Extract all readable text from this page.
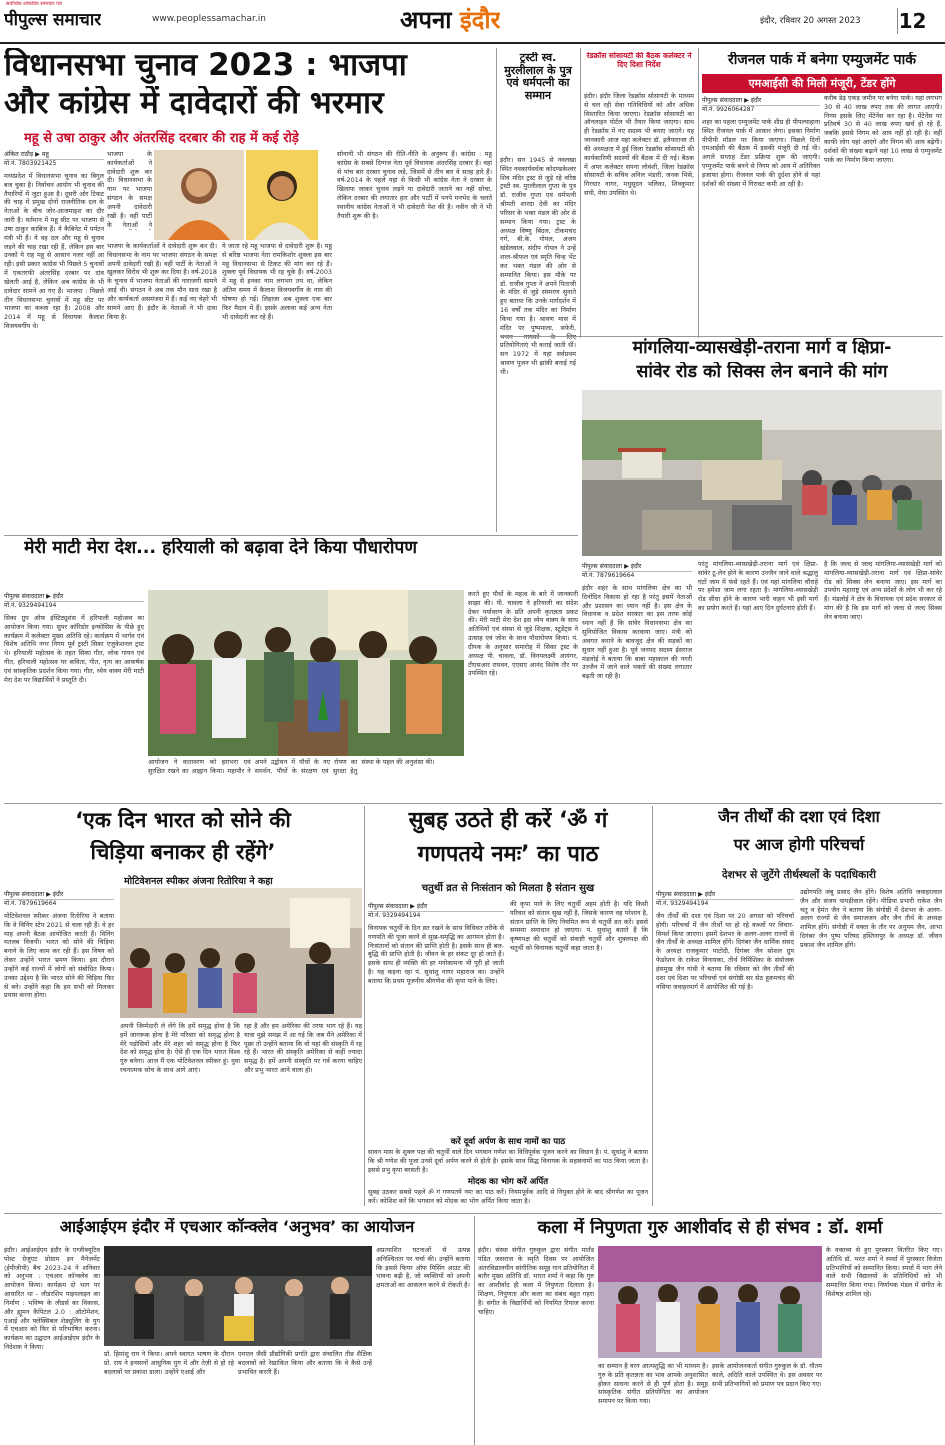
सर्वाधिक लोकप्रिय समाचार पत्र
पीपुल्स समाचार	www.peoplessamachar.in	अपना इंदौर	इंदौर, रविवार 20 अगस्त 2023 12
विधानसभा चुनाव 2023 : भाजपा
और कांग्रेस में दावेदारों की भरमार
महू से उषा ठाकुर और अंतरसिंह दरबार की राह में कई रोड़े
अंकित राठौड़ ▶ महू
मो.नं. 7803921425
मध्यप्रदेश में विधानसभा चुनाव का बिगुल बज चुका है। निर्वाचन आयोग भी चुनाव की तैयारियों में जुटा हुआ है। दूसरी ओर टिकट की चाह में प्रमुख दोनों राजनीतिक दल के नेताओं के बीच जोर-आजमाइश का दौर जारी है। वर्तमान में महू सीट पर भाजपा से उषा ठाकुर काबिज हैं। ये कैबिनेट में पर्यटन मंत्री भी हैं। ये वह दल और महू से चुनाव लड़ने की चाह रखा रही हैं, लेकिन इस बार उनको ये राह महू से आसान नजर नहीं आ रही। इसी प्रकार कांग्रेस भी पिछले 5 चुनावों में एकतरफी अंतरसिंह दरबार पर दांव खेलती आई है, लेकिन अब कांग्रेस के भी दावेदार सामने आ गए हैं। भाजपा : पिछले तीन विधानसभा चुनावों में महू सीट पर भाजपा का कब्जा रहा है। 2008 और 2014 में महू से विधायक कैलाश विजयवर्गीय थे।
भाजपा के कार्यकर्ताओं ने दावेदारी शुरू कर दी। विधानसभा के नाम पर भाजपा संगठन के समक्ष अपनी दावेदारी रखी है। वहीं पार्टी के नेताओं ने
भाजपा के कार्यकर्ताओं ने दावेदारी शुरू कर दी। विधानसभा के नाम पर भाजपा संगठन के समक्ष अपनी दावेदारी रखी है। वहीं पार्टी के नेताओं ने खुलकर विरोध भी शुरू कर दिया है। वर्ष-2018 के चुनाव में भाजपा नेताओं की नाराजगी सामने आई थी। संगठन ने अब तक मौन साध रखा है और कार्यकर्ता असमंजस में हैं। कई नए चेहरे भी सामने आए हैं। इंदौर के नेताओं ने भी दावा किया है।
ये जाता रहे महू भाजपा से दावेदारी शुरू है। महू से बरिष्ठ भाजपा नेता रामकिशोर शुक्ला इस बार महू विधानसभा से टिकट की मांग कर रहे हैं। शुक्ला पूर्व विधायक भी रह चुके हैं। वर्ष-2003 में महू से इनका नाम लगभग तय था, लेकिन अंतिम समय में कैलाश विजयवर्गीय के नाम की घोषणा हो गई। लिहाजा अब शुक्ला एक बार फिर मैदान में हैं। इसके अलावा कई अन्य नेता भी दावेदारी कर रहे हैं।
सोनानी भी संगठन की रीति-नीति के अनुरूप हैं। कांग्रेस : महू कांग्रेस के सबसे दिग्गज नेता पूर्व विधायक अंतरसिंह दरबार हैं। वहां से पांच बार दरबार चुनाव लड़े, जिसमें से तीन बार वे सतह हारे हैं। वर्ष-2014 के पहले यहां से किसी भी कांग्रेस नेता ने दरबार के खिलाफ जाकर चुनाव लड़ने या दावेदारी जताने का नहीं सोचा, लेकिन दरबार की लगातार हार और पार्टी में पनपे मनभेद के चलते स्थानीय कांग्रेस नेताओं ने भी दावेदारी पेश की है। नवीन जी ने भी तैयारी शुरू की है।
ट्रस्टी स्व. मुरलीलाल के पुत्र एवं धर्मपत्नी का सम्मान
इंदौर। सन 1945 से नवलखा स्थित नवकार्यवर्धक कोदण्डकेश्वर शिव मंदिर ट्रस्ट से जुड़े रहे वरिष्ठ ट्रस्टी स्व. मुरलीलाल गुप्ता के पुत्र डॉ. राजीव गुप्ता एवं धर्मपत्नी श्रीमती शारदा देवी का मंदिर परिसर के भक्त मंडल की ओर से सम्मान किया गया। ट्रस्ट के अध्यक्ष विष्णु बिंदल, टीकमचंद गर्ग, बी.के. गोयल, अजय खंडेलवाल, संदीप गोयल ने उन्हें शाल-श्रीफल एवं स्मृति चिन्ह भेंट कर भक्त मंडल की ओर से सम्मानित किया। इस मौके पर डॉ. राजीव गुप्ता ने अपने पिताजी के मंदिर से जुड़े संस्मरण सुनाते हुए बताया कि उनके मार्गदर्शन में 16 वर्षों तक मंदिर का निर्माण किया गया है। श्रावण मास में मंदिर पर पुष्पमाला, सफेरी, प्रतियोगिताएं भी कराई जाती थीं। सन 1972 में यहां सर्वप्रथम श्रावण पूजन भी झांकी बनाई गई थी।
रेडक्रॉस सोसायटी की बैठक कलेक्टर ने दिए दिशा निर्देश
इंदौर। इंदौर जिला रेडक्रॉस सोसायटी के माध्यम से चल रही सेवा गतिविधियों को और अधिक विस्तारित किया जाएगा। रेडक्रॉस सोसायटी का ऑनलाइन पोर्टल भी तैयार किया जाएगा। साथ ही रेडक्रॉस में नए सदस्य भी बनाए जाएंगे। यह जानकारी आज यहां कलेक्टर डॉ. इलैयाराजा टी की अध्यक्षता में हुई जिला रेडक्रॉस सोसायटी की कार्यकारिणी सदस्यों की बैठक में दी गई। बैठक में अपर कलेक्टर सपना लोवंशी, जिला रेडक्रॉस सोसायटी के सचिव अनिल भंडारी, जनक भिसे, गिरधार नागर, मधुसूदन भलिका, शिवकुमार संघी, मेघा उपस्थित थे।
रीजनल पार्क में बनेगा एम्युजमेंट पार्क
एमआईसी की मिली मंजूरी, टेंडर होंगे
पीपुल्स संवाददाता ▶ इंदौर
मो.नं. 9926064287
शहर का पहला एम्युजमेंट पार्क शीघ्र ही पीपल्याहाना स्थित रीजनल पार्क में आकार लेगा। इसका निर्माण पीपीपी मॉडल पर किया जाएगा। पिछले दिनों एमआईसी की बैठक में इसकी मंजूरी दी गई थी। अगले सप्ताह टेंडर प्रक्रिया शुरू की जाएगी। एम्युजमेंट पार्क बनने से निगम को आय में अतिरिक्त इजाफा होगा। रीजनल पार्क की दुर्दशा होने से यहां दर्शकों की संख्या में गिरावट कमी आ रही है।
करीब डेढ़ एकड़ जमीन पर बनेगा पार्क। यहां लगभग 30 से 40 लाख रुपए तक की लागत आएगी। निगम इसके लिए मेंटेनेंस कर रहा है। मेंटेनेंस पर प्रतिवर्ष 30 से 40 लाख रुपए खर्च हो रहे हैं, जबकि इससे निगम को आय नहीं हो रही है। वहीं काफी लोग यहां आएंगे और निगम की आय बढ़ेगी। दर्शकों की संख्या बढ़ाने यहां 10 लाख से एम्युजमेंट पार्क का निर्माण किया जाएगा।
मांगलिया-व्यासखेड़ी-तराना मार्ग व क्षिप्रा-
सांवेर रोड को सिक्स लेन बनाने की मांग
पीपुल्स संवाददाता ▶ इंदौर
मो.नं. 7879619664
इंदौर शहर के साथ मांगलिया क्षेत्र का भी दिनोंदिन विकास हो रहा है परंतु इसमें नेताओं और प्रशासन का ध्यान नहीं है। इस क्षेत्र के विधायक व प्रदेश सरकार का इस तरफ कोई ध्यान नहीं है कि सांवेर विधानसभा क्षेत्र का सुनियोजित विकास करवाया जाए। मंत्री को अवगत कराने के बावजूद क्षेत्र की सड़कों का सुधार नहीं हुआ है। पूर्व जनपद सदस्य ईसराज मंडलोई ने बताया कि बाबा महाकाल की नगरी उज्जैन में जाने वाले भक्तों की संख्या लगातार बढ़ती जा रही है।
परंतु मांगलिया-व्यासखेड़ी-तराना मार्ग एवं क्षिप्रा-सांवेर टू-लेन होने के कारण उज्जैन जाने वाले श्रद्धालु घंटों जाम में फंसे रहते हैं। एवं यहां मांगलिया चौराहे पर हमेशा जाम लगा रहता है। मांगलिया-व्यासखेड़ी रोड सीधा होने के कारण भारी वाहन भी इसी मार्ग का प्रयोग करते हैं। यहां आए दिन दुर्घटनाएं होती हैं।
है कि जल्द से जल्द मांगलिया-व्यासखेड़ी मार्ग को मांगलिया-व्यासखेड़ी-तराना मार्ग एवं क्षिप्रा-सांवेर रोड को सिक्स लेन बनाया जाए। इस मार्ग का उपयोग महाराष्ट्र एवं अन्य प्रदेशों के लोग भी कर रहे हैं। मंडलोई ने क्षेत्र के विधायक एवं प्रदेश सरकार से मांग की है कि इस मार्ग को जल्द से जल्द सिक्स लेन बनाया जाए।
मेरी माटी मेरा देश... हरियाली को बढ़ावा देने किया पौधारोपण
पीपुल्स संवाददाता ▶ इंदौर
मो.नं. 9329494194
सिका ग्रुप ऑफ इंस्टिट्यूशंस में हरियाली महोत्सव का आयोजन किया गया। सुपर कॉरिडोर इन्फोसिस के पीछे हुए कार्यक्रम में कलेक्टर मुख्य अतिथि रहे। कार्यक्रम में भार्गव एवं विशेष अतिथि नगर निगम पूर्व ट्रस्टी सिका एजुकेशनल ट्रस्ट थे। हरियाली महोत्सव के तहत सिका गीत, लोक गायन एवं गीत, हरियाली महोत्सव पर कविता, गीत, नृत्य का आकर्षक एवं सांस्कृतिक प्रदर्शन किया गया। गीत, ध्येय वाक्य मेरी माटी मेरा देश पर विद्यार्थियों ने प्रस्तुति दी।
आयोजन ने वातावरण को हराभरा एवं सुरक्षित रखने का आह्वान किया। महापौर ने अपने उद्बोधन में पौधों के नए रोपण का समर्थन, पौधों के संरक्षण एवं सुरक्षा हेतु संस्था के पहल की अनुशंसा की।
करते हुए पौधों के महत्व के बारे में जानकारी साझा की। पी. चावला ने हरियाली का संदेश देकर पर्यावरण के प्रति अपनी कृतज्ञता प्रकट की। मेरी माटी मेरा देश इस ध्येय वाक्य के साथ अतिथियों एवं संस्था से जुड़े शिक्षक, स्टूडेंट्स ने उत्साह एवं जोश के साथ पौधारोपण किया। पं. दीपक के अनुसार समारोह में सिका ट्रस्ट के अध्यक्ष पी. चावला, डॉ. विनयलक्ष्मी आयंगर, टीएसआर राघवन, एएसए आनंद विशेष तौर पर उपस्थित रहे।
‘एक दिन भारत को सोने की
चिड़िया बनाकर ही रहेंगे’
मोटिवेशनल स्पीकर अंजना रितोरिया ने कहा
पीपुल्स संवाददाता ▶ इंदौर
मो.नं. 7879619664
मोटिवेशनल स्पीकर अंजना रितोरिया ने बताया कि वे विनिंग स्टेप 2021 से चला रही हैं। वे हर माह अपनी बैठक आयोजित करती हैं। विनिंग मतलब विजयी। भारत को सोने की चिड़िया बनाने के लिए काम कर रही हैं। इस विषय को लेकर उन्होंने भारत भ्रमण किया। इस दौरान उन्होंने कई राज्यों में लोगों को संबोधित किया। उनका उद्देश्य है कि भारत सोने की चिड़िया फिर से बने। उन्होंने कहा कि हम सभी को मिलकर प्रयास करना होगा।
अपनी जिम्मेदारी ले लेंगे कि हमें समृद्ध होना है कि हमें जागरूक होना है मेरे परिवार को समृद्ध होना है मेरे पड़ोसियों और मेरे शहर को समृद्ध होना है फिर देश को समृद्ध होना है। ऐसे ही एक दिन भारत विश्व गुरु बनेगा। आज मैं एक मोटिवेशनल स्पीकर हूं। युवा रचनात्मक सोच के साथ आगे आएं।
रहा है और हम अमेरिका की तरफ भाग रहे हैं। यह यात्रा मुझे समझ में आ गई कि जब मैंने अमेरिका में पूछा तो उन्होंने बताया कि वो यहां की संस्कृति में रह रहे हैं। भारत की संस्कृति अमेरिका से कहीं ज्यादा समृद्ध है। हमें अपनी संस्कृति पर गर्व करना चाहिए और प्रभु भारत आने वाला हो।
सुबह उठते ही करें ‘ॐ गं
गणपतये नमः’ का पाठ
चतुर्थी व्रत से निःसंतान को मिलता है संतान सुख
पीपुल्स संवाददाता ▶ इंदौर
मो.नं. 9329494194
विनायक चतुर्थी के दिन व्रत रखने के साथ विधिवत तरीके से गणपति की पूजा करने से सुख-समृद्धि का आगमन होता है। निःसंतानों को संतान की प्राप्ति होती है। इसके साथ ही बल-बुद्धि की प्राप्ति होती है। जीवन के हर संकट दूर हो जाते हैं। इसके साथ ही व्यक्ति की हर मनोकामना भी पूरी हो जाती है। यह कहना रहा पं. सुधांशु नागर महाराज का। उन्होंने बताया कि प्रथम पूजनीय श्रीगणेश की कृपा पाने के लिए।
की कृपा पाने के लिए चतुर्थी अहम होती है। यदि किसी परिवार को संतान सुख नहीं है, जिसके कारण वह परेशान है, संतान प्राप्ति के लिए नियमित रूप से चतुर्थी व्रत करें। इससे समस्या समाधान हो जाएगा। पं. सुधांशु बताते हैं कि कृष्णपक्ष की चतुर्थी को संकष्टी चतुर्थी और शुक्लपक्ष की चतुर्थी को विनायक चतुर्थी कहा जाता है।
करें दूर्वा अर्पण के साथ नामों का पाठ
सावन मास के शुक्ल पक्ष की चतुर्थी वाले दिन भगवान गणेश का विधिपूर्वक पूजन करने का विधान है। पं. सुधांशु ने बताया कि श्री गणेश की पूजा उनसे दूर्वा अर्पण करने से होती है। इसके साथ सिद्ध विनायक के सहस्रनामों का पाठ किया जाता है। इससे प्रभु कृपा बरसती है।
मोदक का भोग करें अर्पित
सुबह उठकर सबसे पहले ॐ गं गणपतये नमः का पाठ करें। नियमपूर्वक आदि से नियुक्त होने के बाद श्रीगणेश का पूजन करें। कोशिश करें कि भगवान को मोदक का भोग अर्पित किया जाता है।
जैन तीर्थों की दशा एवं दिशा
पर आज होगी परिचर्चा
देशभर से जुटेंगे तीर्थस्थलों के पदाधिकारी
पीपुल्स संवाददाता ▶ इंदौर
मो.नं. 9329494194
जैन तीर्थों की दशा एवं दिशा पर 20 अगस्त को परिचर्चा होगी। परिचर्चा में जैन तीर्थों पर हो रहे कब्जों पर विचार-विमर्श किया जाएगा। इसमें देशभर के अलग-अलग राज्यों से जैन तीर्थों के अध्यक्ष शामिल होंगे। दिगंबर जैन धार्मिक संसद के अध्यक्ष राजकुमार पाटोदी, दिगंबर जैन सोशल ग्रुप फेडरेशन के राकेश विनायका, तीर्थ निर्मिशिका के संयोजक हंसमुख जैन गांधी ने बताया कि रविवार को जैन तीर्थों की दशा एवं दिशा पर परिचर्चा एवं संगोष्ठी सर सेठ हुकमचंद की नसिया जवाहरमार्ग में आयोजित की गई है।
उद्योगपति जंबू प्रसाद जैन होंगे। विशेष अतिथि जवाहरलाल जैन और संजय पापड़ीवाल रहेंगे। मीडिया प्रभारी राकेश जैन चतु व हेमंत जैन ने बताया कि संगोष्ठी में देशभर के अलग-अलग राज्यों से जैन समाजजन और जैन तीर्थ के अध्यक्ष शामिल होंगे। संगोष्ठी में वक्ता के तौर पर अनुपम जैन, आभा दिगंबर जैन पुष्प परिषद हस्तिनापुर के अध्यक्ष डॉ. जीवन प्रकाश जैन शामिल होंगे।
आईआईएम इंदौर में एचआर कॉन्क्लेव ‘अनुभव’ का आयोजन
इंदौर। आईआईएम इंदौर के एग्जीक्यूटिव पोस्ट ग्रेजुएट प्रोग्राम इन मैनेजमेंट (ईपीजीपी) बैच 2023-24 ने शनिवार को अनुभव : एचआर कॉन्क्लेव का आयोजन किया। कार्यक्रम दो भाग पर आधारित था - लीडरशिप पाइपलाइन का निर्माण : भविष्य के लीडर्स का विकास, और ह्यूमन कैपिटल 2.0 : ऑटोमेशन, एआई और फ्लेक्सिबल शेड्यूलिंग के युग में एचआर को फिर से परिभाषित करना। कार्यक्रम का उद्घाटन आईआईएम इंदौर के निदेशक ने किया।
प्रो. हिमांशु राय ने किया। अपने स्वागत भाषण के दौरान प्रो. राय ने इनसानों आधुनिक युग में और तेज़ी से हो रहे बदलावों पर प्रकाश डाला। उन्होंने एआई और
एमएल जैसी प्रौद्योगिकी प्रगति द्वारा संचालित तीव्र शैक्षिक बदलावों को रेखांकित किया और बताया कि वे कैसे उन्हें प्रभावित करती हैं।
अप्रत्याशित घटनाओं से उत्पन्न अनिश्चितता पर चर्चा की। उन्होंने बताया कि इससे फियर ऑफ मिसिंग आउट की भावना बढ़ी है, जो व्यक्तियों को अपनी क्षमताओं का आकलन करने से रोकती है।
कला में निपुणता गुरु आशीर्वाद से ही संभव : डॉ. शर्मा
इंदौर। संस्था संगीत गुरुकुल द्वारा संगीत मार्तंड पंडित जसराज के स्मृति दिवस पर आयोजित अंतरविद्यालयीन सांगीतिक समूह गान प्रतियोगिता में बतौर मुख्य अतिथि डॉ. भारत शर्मा ने कहा कि गुरु का आशीर्वाद ही कला में निपुणता दिलाता है। शिक्षण, निपुणता और कला का संबंध बहुत गहरा है। संगीत के विद्यार्थियों को नियमित रियाज करना चाहिए।
का सम्मान है वरन आत्मशुद्धि का भी माध्यम है। गुरु के प्रति कृतज्ञता का भाव आपके अनुशासित होकर साधना करने से ही पूर्ण होता है। समूह सांस्कृतिक संगीत प्रतियोगिता का आयोजन समापन पर किया गया।
इसके आयोजनकर्ता संगीत गुरुकुल के डॉ. गौतम काले, अदिति काले उपस्थित थे। इस अवसर पर सभी प्रतिभागियों को प्रमाण पत्र प्रदान किए गए।
के वक्तव्य से हुए पुरस्कार वितरित किए गए। अतिथि डॉ. भरत शर्मा ने स्पर्धा में पुरस्कार विजेता प्रतिभागियों को सम्मानित किया। स्पर्धा में भाग लेने वाले सभी विद्यालयों के प्रतिनिधियों को भी सम्मानित किया गया। निर्णायक मंडल में संगीत के विशेषज्ञ शामिल रहे।
